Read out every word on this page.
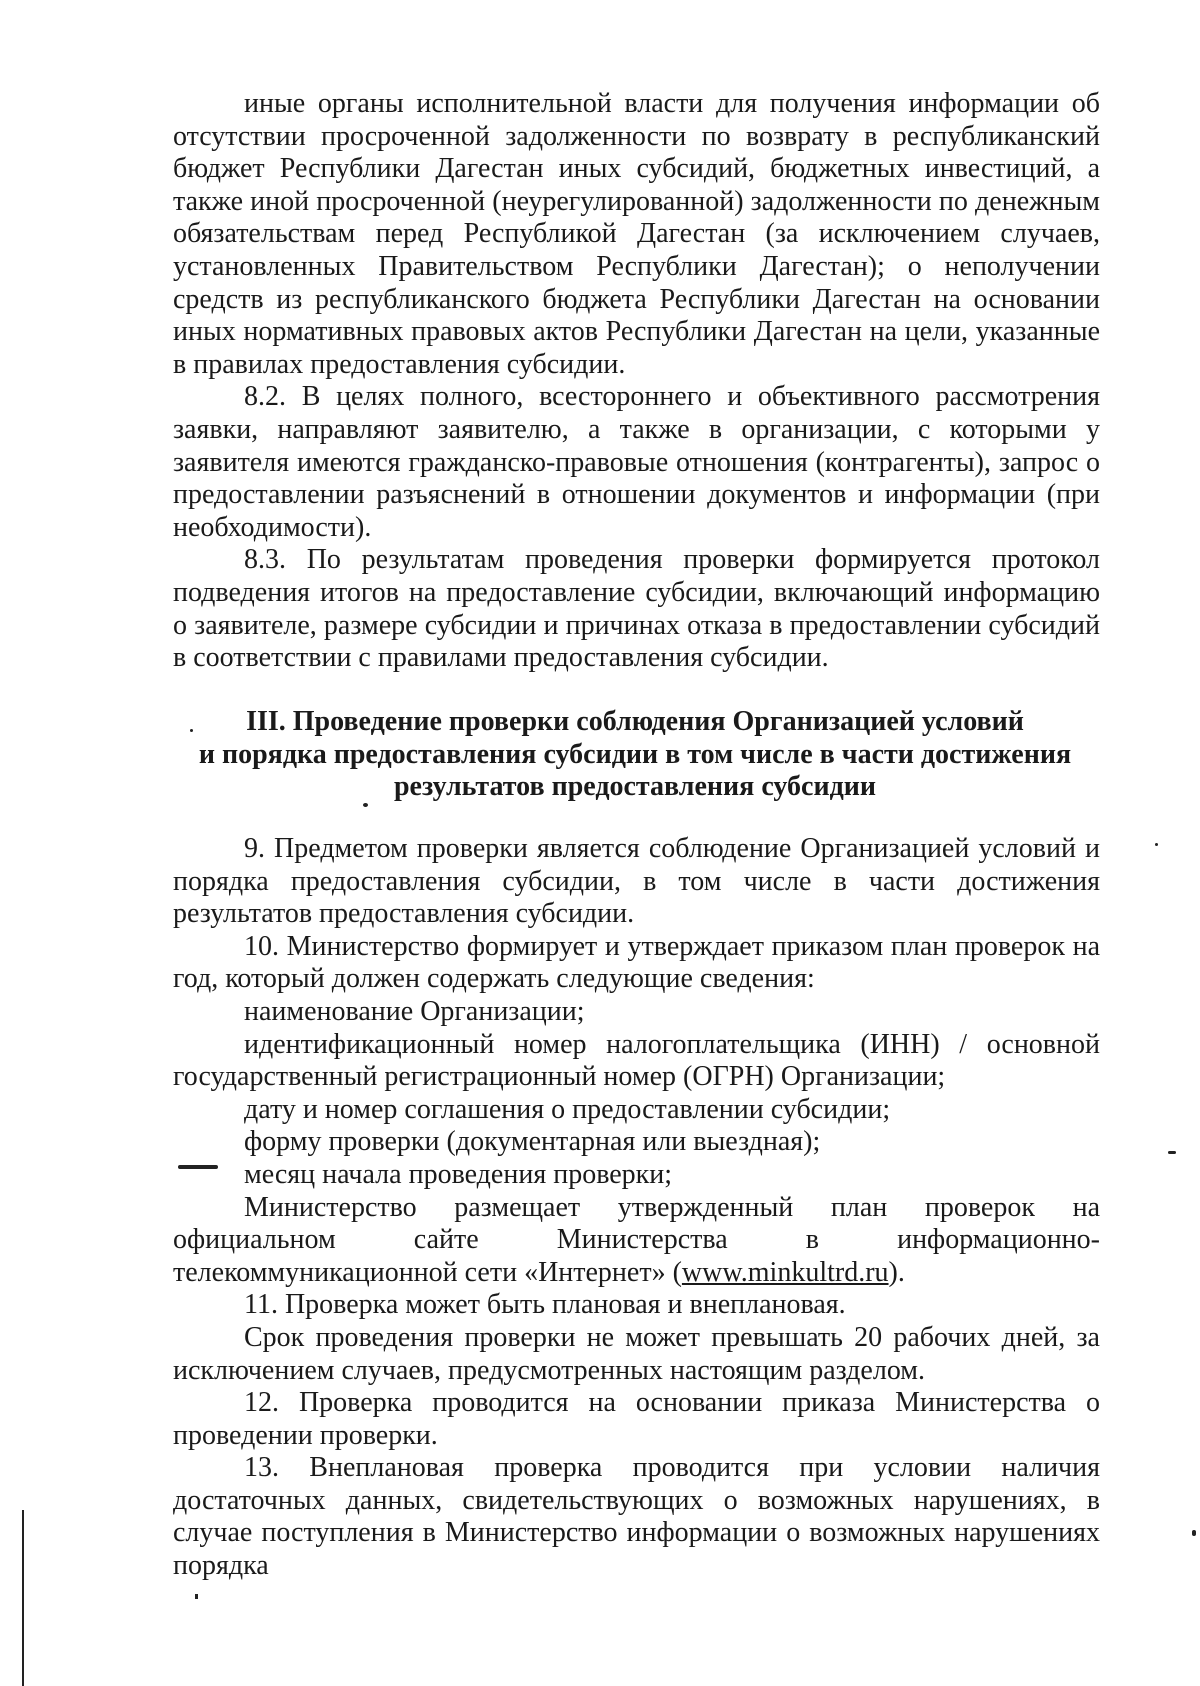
иные органы исполнительной власти для получения информации об отсутствии просроченной задолженности по возврату в республиканский бюджет Республики Дагестан иных субсидий, бюджетных инвестиций, а также иной просроченной (неурегулированной) задолженности по денежным обязательствам перед Республикой Дагестан (за исключением случаев, установленных Правительством Республики Дагестан); о неполучении средств из республиканского бюджета Республики Дагестан на основании иных нормативных правовых актов Республики Дагестан на цели, указанные в правилах предоставления субсидии.

8.2. В целях полного, всестороннего и объективного рассмотрения заявки, направляют заявителю, а также в организации, с которыми у заявителя имеются гражданско-правовые отношения (контрагенты), запрос о предоставлении разъяснений в отношении документов и информации (при необходимости).

8.3. По результатам проведения проверки формируется протокол подведения итогов на предоставление субсидии, включающий информацию о заявителе, размере субсидии и причинах отказа в предоставлении субсидий в соответствии с правилами предоставления субсидии.

III. Проведение проверки соблюдения Организацией условий
и порядка предоставления субсидии в том числе в части достижения
результатов предоставления субсидии

9. Предметом проверки является соблюдение Организацией условий и порядка предоставления субсидии, в том числе в части достижения результатов предоставления субсидии.

10. Министерство формирует и утверждает приказом план проверок на год, который должен содержать следующие сведения:

наименование Организации;

идентификационный номер налогоплательщика (ИНН) / основной государственный регистрационный номер (ОГРН) Организации;

дату и номер соглашения о предоставлении субсидии;

форму проверки (документарная или выездная);

месяц начала проведения проверки;

Министерство размещает утвержденный план проверок на официальном сайте Министерства в информационно-телекоммуникационной сети «Интернет» (www.minkultrd.ru).

11. Проверка может быть плановая и внеплановая.

Срок проведения проверки не может превышать 20 рабочих дней, за исключением случаев, предусмотренных настоящим разделом.

12. Проверка проводится на основании приказа Министерства о проведении проверки.

13. Внеплановая проверка проводится при условии наличия достаточных данных, свидетельствующих о возможных нарушениях, в случае поступления в Министерство информации о возможных нарушениях порядка
